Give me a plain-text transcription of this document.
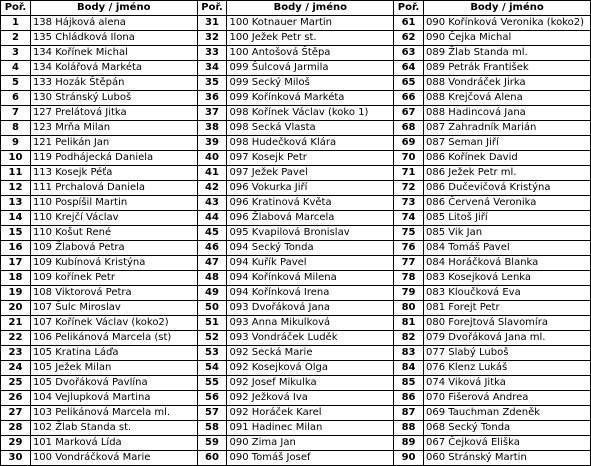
Poř.	Body / jméno	Poř.	Body / jméno	Poř.	Body / jméno
1	138 Hájková alena	31	100 Kotnauer Martin	61	090 Kořínková Veronika (koko2)
2	135 Chládková Ilona	32	100 Ježek Petr st.	62	090 Čejka Michal
3	134 Kořínek Michal	33	100 Antošová Štěpa	63	089 Žlab Standa ml.
4	134 Kolářová Markéta	34	099 Šulcová Jarmila	64	089 Petrák František
5	133 Hozák Štěpán	35	099 Secký Miloš	65	088 Vondráček Jirka
6	130 Stránský Luboš	36	099 Kořínková Markéta	66	088 Krejčová Alena
7	127 Prelátová Jitka	37	098 Kořínek Václav (koko 1)	67	088 Hadincová Jana
8	123 Mrňa Milan	38	098 Secká Vlasta	68	087 Zahradník Marián
9	121 Pelikán Jan	39	098 Hudečková Klára	69	087 Seman Jiří
10	119 Podhájecká Daniela	40	097 Kosejk Petr	70	086 Kořínek David
11	113 Kosejk Péťa	41	097 Ježek Pavel	71	086 Ježek Petr ml.
12	111 Prchalová Daniela	42	096 Vokurka Jiří	72	086 Dučevičová Kristýna
13	110 Pospíšil Martin	43	096 Kratinová Květa	73	086 Červená Veronika
14	110 Krejčí Václav	44	096 Žlabová Marcela	74	085 Litoš Jiří
15	110 Košut René	45	095 Kvapilová Bronislav	75	085 Vik Jan
16	109 Žlabová Petra	46	094 Secký Tonda	76	084 Tomáš Pavel
17	109 Kubínová Kristýna	47	094 Kuřík Pavel	77	084 Horáčková Blanka
18	109 kořínek Petr	48	094 Kořínková Milena	78	083 Kosejková Lenka
19	108 Viktorová Petra	49	094 Kořínková Irena	79	083 Kloučková Eva
20	107 Šulc Miroslav	50	093 Dvořáková Jana	80	081 Forejt Petr
21	107 Kořínek Václav (koko2)	51	093 Anna Mikulková	81	080 Forejtová Slavomíra
22	106 Pelikánová Marcela (st)	52	093 Vondráček Luděk	82	079 Dvořáková Jana ml.
23	105 Kratina Láďa	53	092 Secká Marie	83	077 Slabý Luboš
24	105 Ježek Milan	54	092 Kosejková Olga	84	076 Klenz Lukáš
25	105 Dvořáková Pavlína	55	092 Josef Mikulka	85	074 Viková Jitka
26	104 Vejlupková Martina	56	092 Ježková Iva	86	070 Fišerová Andrea
27	103 Pelikánová Marcela ml.	57	092 Horáček Karel	87	069 Tauchman Zdeněk
28	102 Žlab Standa st.	58	091 Hadinec Milan	88	068 Secký Tonda
29	101 Marková Lída	59	090 Zima Jan	89	067 Čejková Eliška
30	100 Vondráčková Marie	60	090 Tomáš Josef	90	060 Stránský Martin
